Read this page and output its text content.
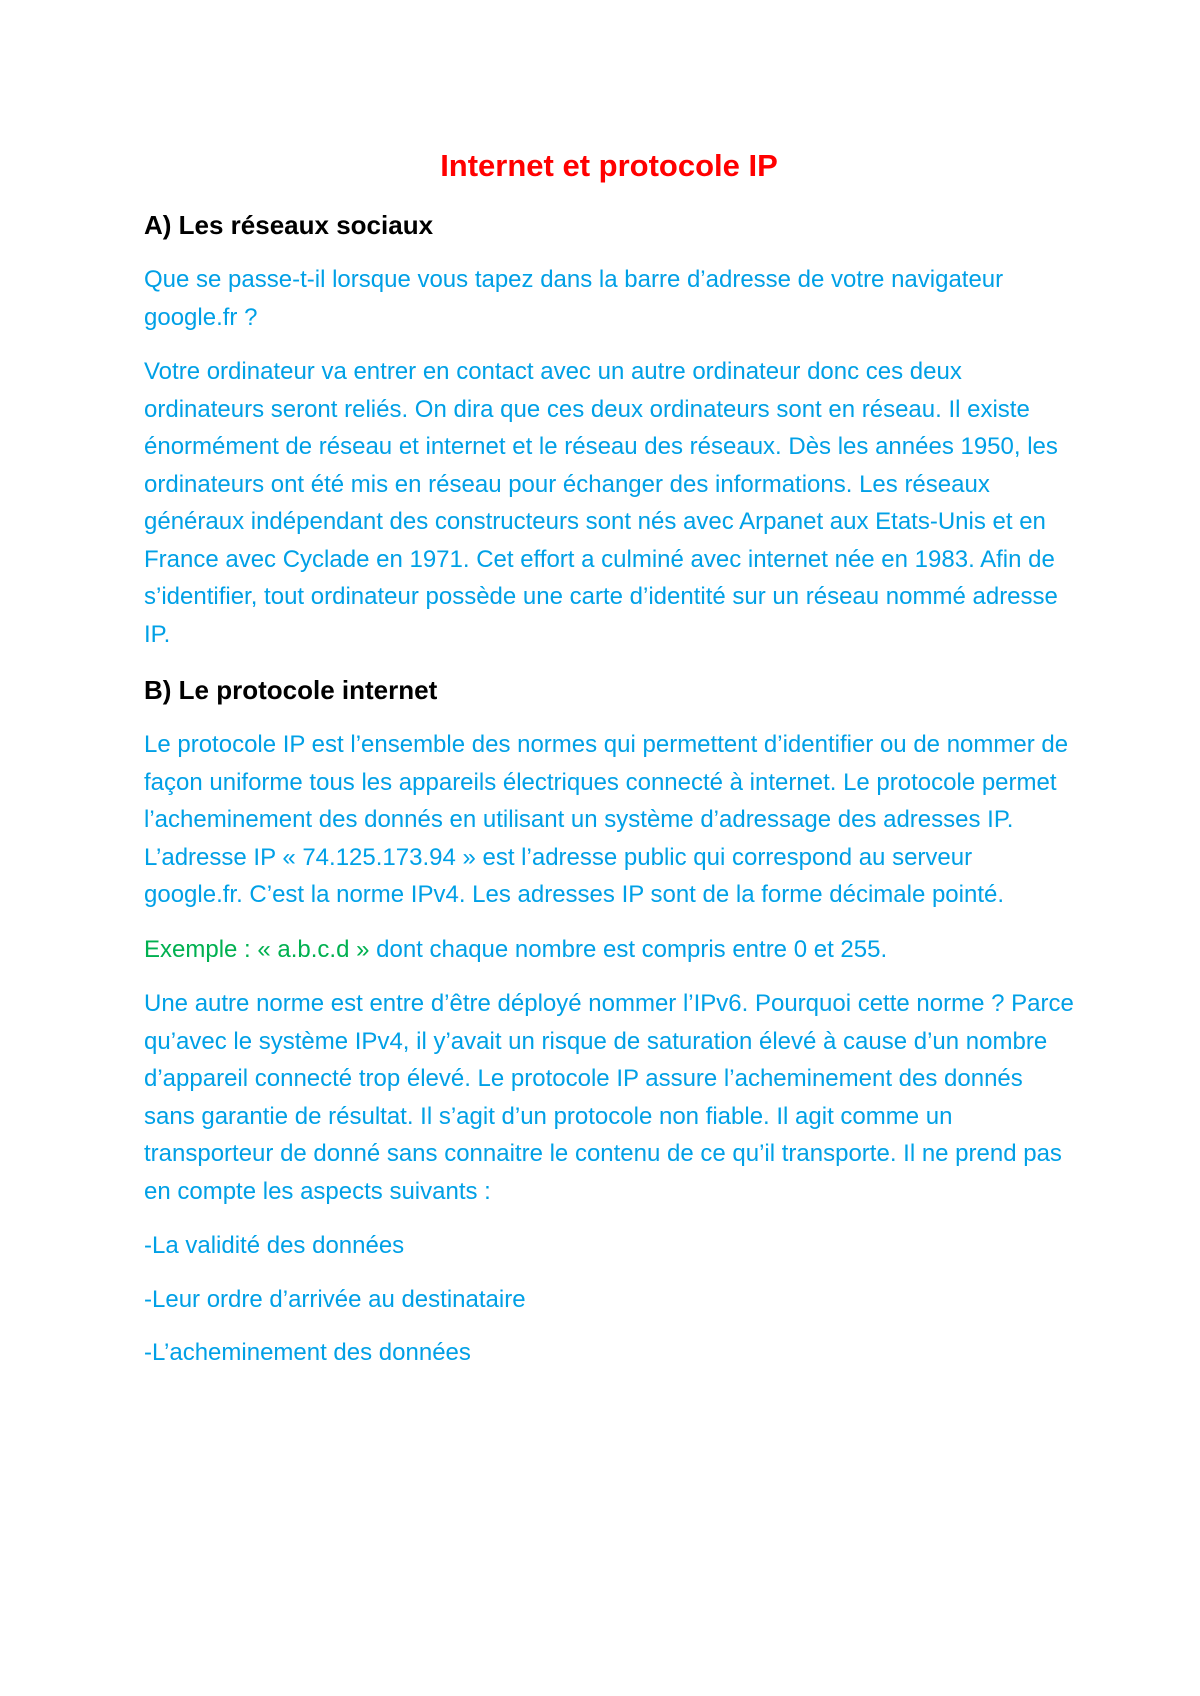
Internet et protocole IP
A) Les réseaux sociaux
Que se passe-t-il lorsque vous tapez dans la barre d’adresse de votre navigateur google.fr ?
Votre ordinateur va entrer en contact avec un autre ordinateur donc ces deux ordinateurs seront reliés. On dira que ces deux ordinateurs sont en réseau. Il existe énormément de réseau et internet et le réseau des réseaux. Dès les années 1950, les ordinateurs ont été mis en réseau pour échanger des informations. Les réseaux généraux indépendant des constructeurs sont nés avec Arpanet aux Etats-Unis et en France avec Cyclade en 1971. Cet effort a culminé avec internet née en 1983. Afin de s’identifier, tout ordinateur possède une carte d’identité sur un réseau nommé adresse IP.
B) Le protocole internet
Le protocole IP est l’ensemble des normes qui permettent d’identifier ou de nommer de façon uniforme tous les appareils électriques connecté à internet. Le protocole permet l’acheminement des donnés en utilisant un système d’adressage des adresses IP. L’adresse IP « 74.125.173.94 » est l’adresse public qui correspond au serveur google.fr. C’est la norme IPv4. Les adresses IP sont de la forme décimale pointé.
Exemple : « a.b.c.d » dont chaque nombre est compris entre 0 et 255.
Une autre norme est entre d’être déployé nommer l’IPv6. Pourquoi cette norme ? Parce qu’avec le système IPv4, il y’avait un risque de saturation élevé à cause d’un nombre d’appareil connecté trop élevé. Le protocole IP assure l’acheminement des donnés sans garantie de résultat. Il s’agit d’un protocole non fiable. Il agit comme un transporteur de donné sans connaitre le contenu de ce qu’il transporte. Il ne prend pas en compte les aspects suivants :
-La validité des données
-Leur ordre d’arrivée au destinataire
-L’acheminement des données
